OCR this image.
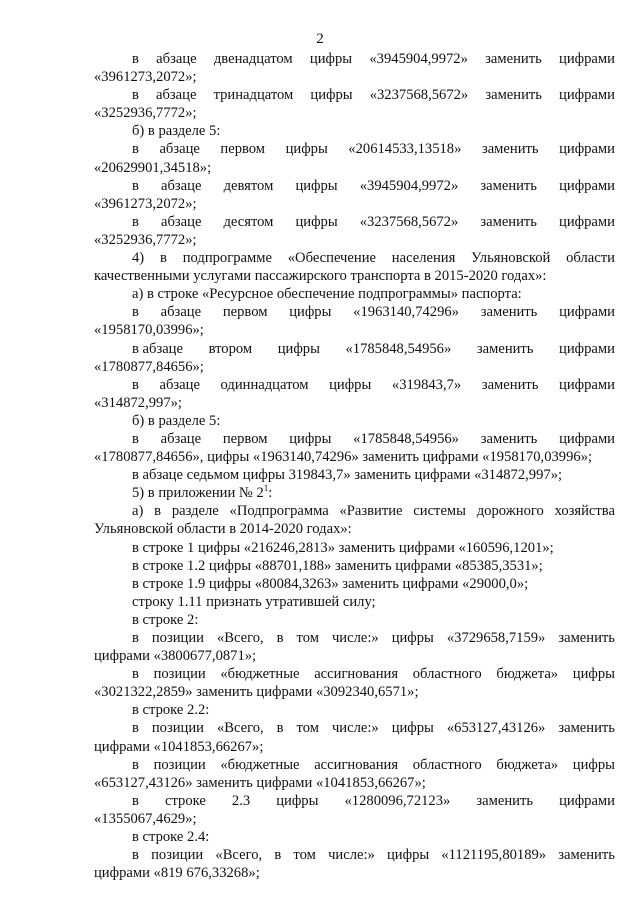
2
в абзаце двенадцатом цифры «3945904,9972» заменить цифрами
«3961273,2072»;
в абзаце тринадцатом цифры «3237568,5672» заменить цифрами
«3252936,7772»;
б) в разделе 5:
в абзаце первом цифры «20614533,13518» заменить цифрами
«20629901,34518»;
в абзаце девятом цифры «3945904,9972» заменить цифрами
«3961273,2072»;
в абзаце десятом цифры «3237568,5672» заменить цифрами
«3252936,7772»;
4) в подпрограмме «Обеспечение населения Ульяновской области
качественными услугами пассажирского транспорта в 2015-2020 годах»:
а) в строке «Ресурсное обеспечение подпрограммы» паспорта:
в абзаце первом цифры «1963140,74296» заменить цифрами
«1958170,03996»;
в абзаце втором цифры «1785848,54956» заменить цифрами
«1780877,84656»;
в абзаце одиннадцатом цифры «319843,7» заменить цифрами
«314872,997»;
б) в разделе 5:
в абзаце первом цифры «1785848,54956» заменить цифрами
«1780877,84656», цифры «1963140,74296» заменить цифрами «1958170,03996»;
в абзаце седьмом цифры 319843,7» заменить цифрами «314872,997»;
5) в приложении № $2^1$:
а) в разделе «Подпрограмма «Развитие системы дорожного хозяйства
Ульяновской области в 2014-2020 годах»:
в строке 1 цифры «216246,2813» заменить цифрами «160596,1201»;
в строке 1.2 цифры «88701,188» заменить цифрами «85385,3531»;
в строке 1.9 цифры «80084,3263» заменить цифрами «29000,0»;
строку 1.11 признать утратившей силу;
в строке 2:
в позиции «Всего, в том числе:» цифры «3729658,7159» заменить
цифрами «3800677,0871»;
в позиции «бюджетные ассигнования областного бюджета» цифры
«3021322,2859» заменить цифрами «3092340,6571»;
в строке 2.2:
в позиции «Всего, в том числе:» цифры «653127,43126» заменить
цифрами «1041853,66267»;
в позиции «бюджетные ассигнования областного бюджета» цифры
«653127,43126» заменить цифрами «1041853,66267»;
в строке 2.3 цифры «1280096,72123» заменить цифрами
«1355067,4629»;
в строке 2.4:
в позиции «Всего, в том числе:» цифры «1121195,80189» заменить
цифрами «819 676,33268»;
